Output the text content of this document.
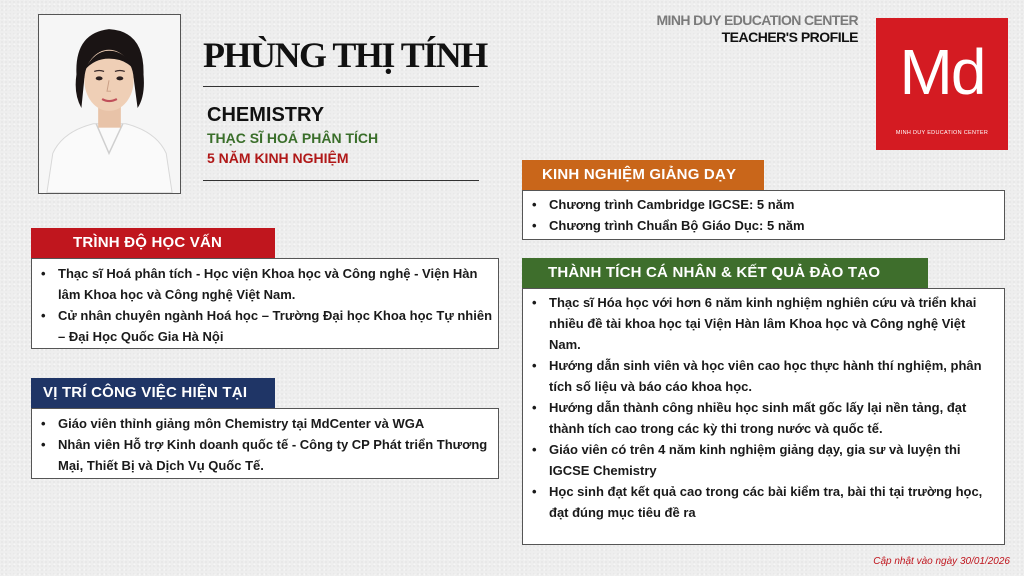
PHÙNG THỊ TÍNH
CHEMISTRY
THẠC SĨ HOÁ PHÂN TÍCH
5 NĂM KINH NGHIỆM
MINH DUY EDUCATION CENTER
TEACHER'S PROFILE Md
MINH DUY EDUCATION CENTER
TRÌNH ĐỘ HỌC VẤN
• Thạc sĩ Hoá phân tích - Học viện Khoa học và Công nghệ - Viện Hàn lâm Khoa học và Công nghệ Việt Nam.
• Cử nhân chuyên ngành Hoá học – Trường Đại học Khoa học Tự nhiên – Đại Học Quốc Gia Hà Nội
VỊ TRÍ CÔNG VIỆC HIỆN TẠI
• Giáo viên thỉnh giảng môn Chemistry tại MdCenter và WGA
• Nhân viên Hỗ trợ Kinh doanh quốc tế - Công ty CP Phát triển Thương Mại, Thiết Bị và Dịch Vụ Quốc Tế.
KINH NGHIỆM GIẢNG DẠY
• Chương trình Cambridge IGCSE: 5 năm
• Chương trình Chuẩn Bộ Giáo Dục: 5 năm
THÀNH TÍCH CÁ NHÂN & KẾT QUẢ ĐÀO TẠO
• Thạc sĩ Hóa học với hơn 6 năm kinh nghiệm nghiên cứu và triển khai nhiều đề tài khoa học tại Viện Hàn lâm Khoa học và Công nghệ Việt Nam.
• Hướng dẫn sinh viên và học viên cao học thực hành thí nghiệm, phân tích số liệu và báo cáo khoa học.
• Hướng dẫn thành công nhiều học sinh mất gốc lấy lại nền tảng, đạt thành tích cao trong các kỳ thi trong nước và quốc tế.
• Giáo viên có trên 4 năm kinh nghiệm giảng dạy, gia sư và luyện thi IGCSE Chemistry
• Học sinh đạt kết quả cao trong các bài kiểm tra, bài thi tại trường học, đạt đúng mục tiêu đề ra
Cập nhật vào ngày 30/01/2026
